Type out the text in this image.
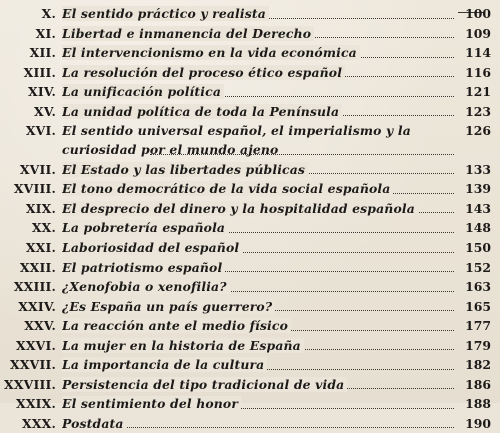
X. El sentido práctico y realista	100
XI. Libertad e inmanencia del Derecho	109
XII. El intervencionismo en la vida económica	114
XIII. La resolución del proceso ético español	116
XIV. La unificación política	121
XV. La unidad política de toda la Península	123
XVI. El sentido universal español, el imperialismo y la curiosidad por el mundo ajeno
126
XVII. El Estado y las libertades públicas	133
XVIII. El tono democrático de la vida social española	139
XIX. El desprecio del dinero y la hospitalidad española	143
XX. La pobretería española	148
XXI. Laboriosidad del español	150
XXII. El patriotismo español	152
XXIII. ¿Xenofobia o xenofilia?	163
XXIV. ¿Es España un país guerrero?	165
XXV. La reacción ante el medio físico	177
XXVI. La mujer en la historia de España	179
XXVII. La importancia de la cultura	182
XXVIII. Persistencia del tipo tradicional de vida	186
XXIX. El sentimiento del honor	188
XXX. Postdata	190
